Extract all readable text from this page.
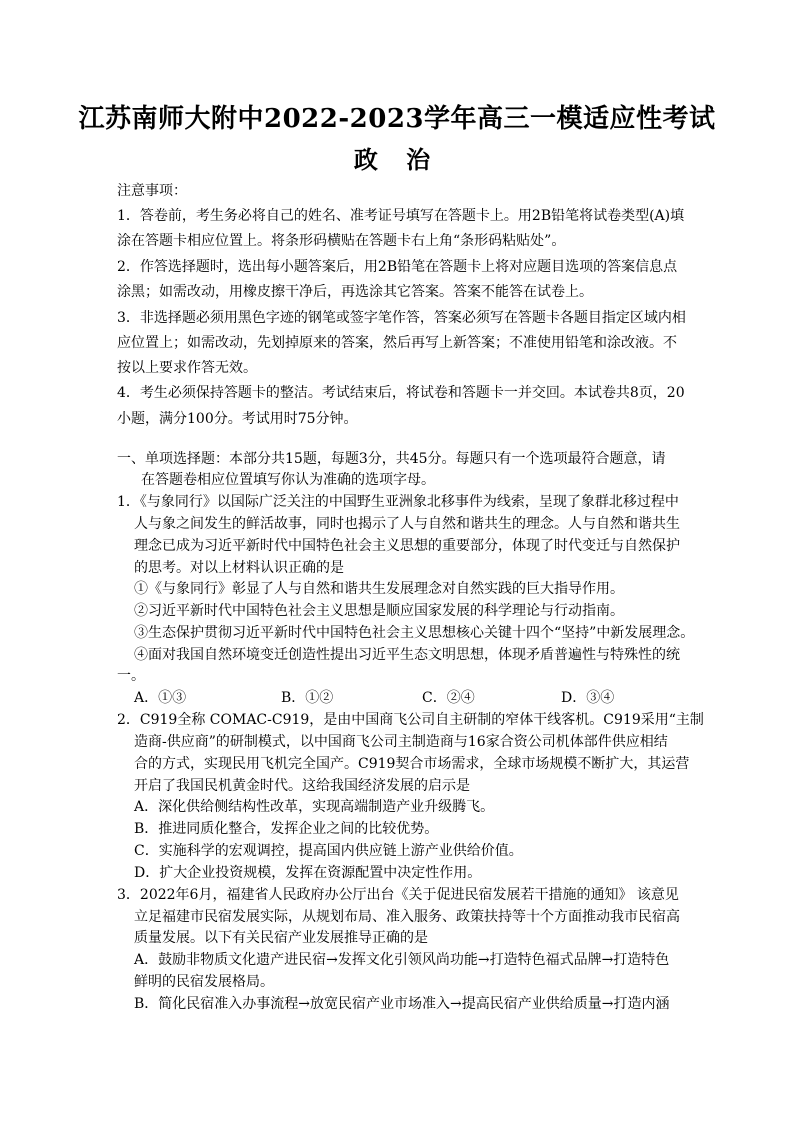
江苏南师大附中2022-2023学年高三一模适应性考试
政 治
注意事项：
1．答卷前，考生务必将自己的姓名、准考证号填写在答题卡上。用2B铅笔将试卷类型(A)填
涂在答题卡相应位置上。将条形码横贴在答题卡右上角“条形码粘贴处”。
2．作答选择题时，选出每小题答案后，用2B铅笔在答题卡上将对应题目选项的答案信息点
涂黑；如需改动，用橡皮擦干净后，再选涂其它答案。答案不能答在试卷上。
3．非选择题必须用黑色字迹的钢笔或签字笔作答，答案必须写在答题卡各题目指定区域内相
应位置上；如需改动，先划掉原来的答案，然后再写上新答案；不准使用铅笔和涂改液。不
按以上要求作答无效。
4．考生必须保持答题卡的整洁。考试结束后，将试卷和答题卡一并交回。本试卷共8页，20
小题，满分100分。考试用时75分钟。
一、单项选择题：本部分共15题，每题3分，共45分。每题只有一个选项最符合题意，请
在答题卷相应位置填写你认为准确的选项字母。
1．《与象同行》以国际广泛关注的中国野生亚洲象北移事件为线索，呈现了象群北移过程中
人与象之间发生的鲜活故事，同时也揭示了人与自然和谐共生的理念。人与自然和谐共生
理念已成为习近平新时代中国特色社会主义思想的重要部分，体现了时代变迁与自然保护
的思考。对以上材料认识正确的是
①《与象同行》彰显了人与自然和谐共生发展理念对自然实践的巨大指导作用。
②习近平新时代中国特色社会主义思想是顺应国家发展的科学理论与行动指南。
③生态保护贯彻习近平新时代中国特色社会主义思想核心关键十四个“坚持”中新发展理念。
④面对我国自然环境变迁创造性提出习近平生态文明思想，体现矛盾普遍性与特殊性的统
一。
A．①③	B．①②	C．②④	D．③④
2．C919全称 COMAC-C919，是由中国商飞公司自主研制的窄体干线客机。C919采用“主制
造商-供应商”的研制模式，以中国商飞公司主制造商与16家合资公司机体部件供应相结
合的方式，实现民用飞机完全国产。C919契合市场需求，全球市场规模不断扩大，其运营
开启了我国民机黄金时代。这给我国经济发展的启示是
A．深化供给侧结构性改革，实现高端制造产业升级腾飞。
B．推进同质化整合，发挥企业之间的比较优势。
C．实施科学的宏观调控，提高国内供应链上游产业供给价值。
D．扩大企业投资规模，发挥在资源配置中决定性作用。
3．2022年6月，福建省人民政府办公厅出台《关于促进民宿发展若干措施的通知》 该意见
立足福建市民宿发展实际，从规划布局、准入服务、政策扶持等十个方面推动我市民宿高
质量发展。以下有关民宿产业发展推导正确的是
A．鼓励非物质文化遗产进民宿→发挥文化引领风尚功能→打造特色福式品牌→打造特色
鲜明的民宿发展格局。
B．简化民宿准入办事流程→放宽民宿产业市场准入→提高民宿产业供给质量→打造内涵
